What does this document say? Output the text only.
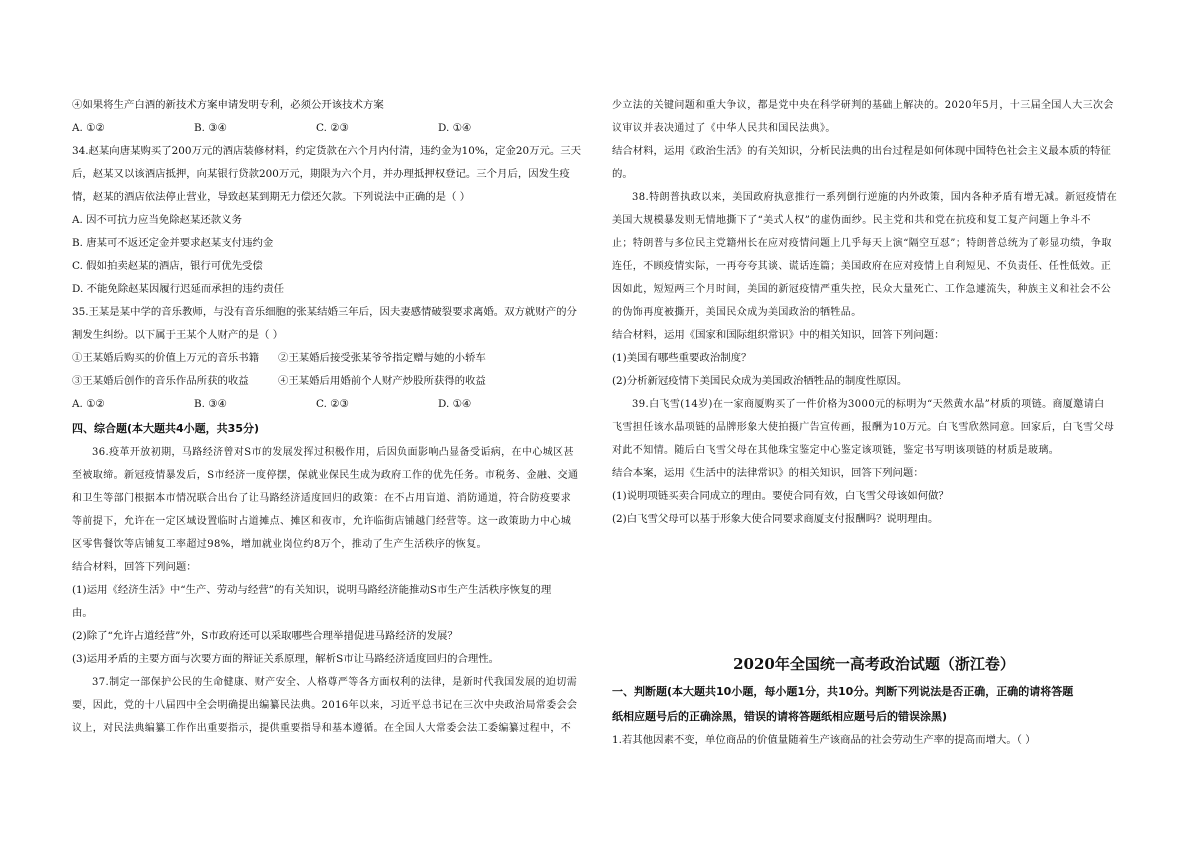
④如果将生产白酒的新技术方案申请发明专利，必须公开该技术方案

A. ①②	B. ③④	C. ②③	D. ①④

34.赵某向唐某购买了200万元的酒店装修材料，约定货款在六个月内付清，违约金为10%，定金20万元。三天

后，赵某又以该酒店抵押，向某银行贷款200万元，期限为六个月，并办理抵押权登记。三个月后，因发生疫

情，赵某的酒店依法停止营业，导致赵某到期无力偿还欠款。下列说法中正确的是（ ）

A. 因不可抗力应当免除赵某还款义务

B. 唐某可不返还定金并要求赵某支付违约金

C. 假如拍卖赵某的酒店，银行可优先受偿

D. 不能免除赵某因履行迟延而承担的违约责任

35.王某是某中学的音乐教师，与没有音乐细胞的张某结婚三年后，因夫妻感情破裂要求离婚。双方就财产的分

割发生纠纷。以下属于王某个人财产的是（ ）

①王某婚后购买的价值上万元的音乐书籍	②王某婚后接受张某爷爷指定赠与她的小轿车

③王某婚后创作的音乐作品所获的收益	④王某婚后用婚前个人财产炒股所获得的收益

A. ①②	B. ③④	C. ②③	D. ①④

四、综合题(本大题共4小题，共35分)

36.疫革开放初期，马路经济曾对S市的发展发挥过积极作用，后因负面影响凸显备受诟病，在中心城区甚

至被取缔。新冠疫情暴发后，S市经济一度停摆，保就业保民生成为政府工作的优先任务。市税务、金融、交通

和卫生等部门根据本市情况联合出台了让马路经济适度回归的政策：在不占用盲道、消防通道，符合防疫要求

等前提下，允许在一定区域设置临时占道摊点、摊区和夜市，允许临街店铺越门经营等。这一政策助力中心城

区零售餐饮等店铺复工率超过98%，增加就业岗位约8万个，推动了生产生活秩序的恢复。

结合材料，回答下列问题：

(1)运用《经济生活》中“生产、劳动与经营”的有关知识，说明马路经济能推动S市生产生活秩序恢复的理

由。

(2)除了“允许占道经营”外，S市政府还可以采取哪些合理举措促进马路经济的发展？

(3)运用矛盾的主要方面与次要方面的辩证关系原理，解析S市让马路经济适度回归的合理性。

37.制定一部保护公民的生命健康、财产安全、人格尊严等各方面权利的法律，是新时代我国发展的迫切需

要，因此，党的十八届四中全会明确提出编纂民法典。2016年以来，习近平总书记在三次中央政治局常委会会

议上，对民法典编纂工作作出重要指示，提供重要指导和基本遵循。在全国人大常委会法工委编纂过程中，不

少立法的关键问题和重大争议，都是党中央在科学研判的基础上解决的。2020年5月，十三届全国人大三次会

议审议并表决通过了《中华人民共和国民法典》。

结合材料，运用《政治生活》的有关知识，分析民法典的出台过程是如何体现中国特色社会主义最本质的特征

的。

38.特朗普执政以来，美国政府执意推行一系列倒行逆施的内外政策，国内各种矛盾有增无减。新冠疫情在

美国大规模暴发则无情地撕下了“美式人权”的虚伪面纱。民主党和共和党在抗疫和复工复产问题上争斗不

止；特朗普与多位民主党籍州长在应对疫情问题上几乎每天上演“隔空互怼”；特朗普总统为了彰显功绩，争取

连任，不顾疫情实际，一再夸夸其谈、谎话连篇；美国政府在应对疫情上自利短见、不负责任、任性低效。正

因如此，短短两三个月时间，美国的新冠疫情严重失控，民众大量死亡、工作急遽流失，种族主义和社会不公

的伪饰再度被撕开，美国民众成为美国政治的牺牲品。

结合材料，运用《国家和国际组织常识》中的相关知识，回答下列问题：

(1)美国有哪些重要政治制度？

(2)分析新冠疫情下美国民众成为美国政治牺牲品的制度性原因。

39.白飞雪(14岁)在一家商厦购买了一件价格为3000元的标明为“天然黄水晶”材质的项链。商厦邀请白

飞雪担任该水晶项链的品牌形象大使拍摄广告宣传画，报酬为10万元。白飞雪欣然同意。回家后，白飞雪父母

对此不知情。随后白飞雪父母在其他珠宝鉴定中心鉴定该项链，鉴定书写明该项链的材质是玻璃。

结合本案，运用《生活中的法律常识》的相关知识，回答下列问题：

(1)说明项链买卖合同成立的理由。要使合同有效，白飞雪父母该如何做？

(2)白飞雪父母可以基于形象大使合同要求商厦支付报酬吗？说明理由。

2020年全国统一高考政治试题（浙江卷）

一、判断题(本大题共10小题，每小题1分，共10分。判断下列说法是否正确，正确的请将答题

纸相应题号后的正确涂黑，错误的请将答题纸相应题号后的错误涂黑)

1.若其他因素不变，单位商品的价值量随着生产该商品的社会劳动生产率的提高而增大。（ ）
